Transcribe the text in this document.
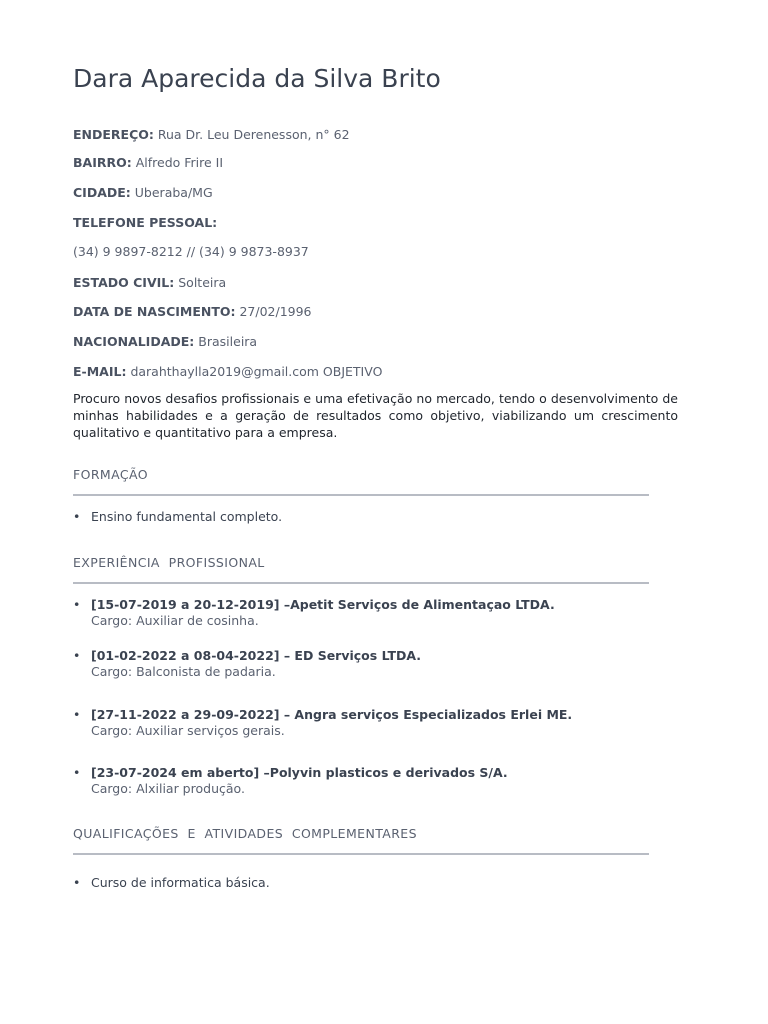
Dara Aparecida da Silva Brito

ENDEREÇO: Rua Dr. Leu Derenesson, n° 62

BAIRRO: Alfredo Frire II

CIDADE: Uberaba/MG

TELEFONE PESSOAL:

(34) 9 9897-8212 // (34) 9 9873-8937

ESTADO CIVIL: Solteira

DATA DE NASCIMENTO: 27/02/1996

NACIONALIDADE: Brasileira

E-MAIL: darahthaylla2019@gmail.com OBJETIVO

Procuro novos desafios profissionais e uma efetivação no mercado, tendo o desenvolvimento de minhas habilidades e a geração de resultados como objetivo, viabilizando um crescimento qualitativo e quantitativo para a empresa.

FORMAÇÃO

• Ensino fundamental completo.

EXPERIÊNCIA  PROFISSIONAL

• [15-07-2019 a 20-12-2019] –Apetit Serviços de Alimentaçao LTDA.
Cargo: Auxiliar de cosinha.
• [01-02-2022 a 08-04-2022] – ED Serviços LTDA.
Cargo: Balconista de padaria.
• [27-11-2022 a 29-09-2022] – Angra serviços Especializados Erlei ME.
Cargo: Auxiliar serviços gerais.
• [23-07-2024 em aberto] –Polyvin plasticos e derivados S/A.
Cargo: Alxiliar produção.

QUALIFICAÇÕES  E  ATIVIDADES  COMPLEMENTARES

• Curso de informatica básica.
